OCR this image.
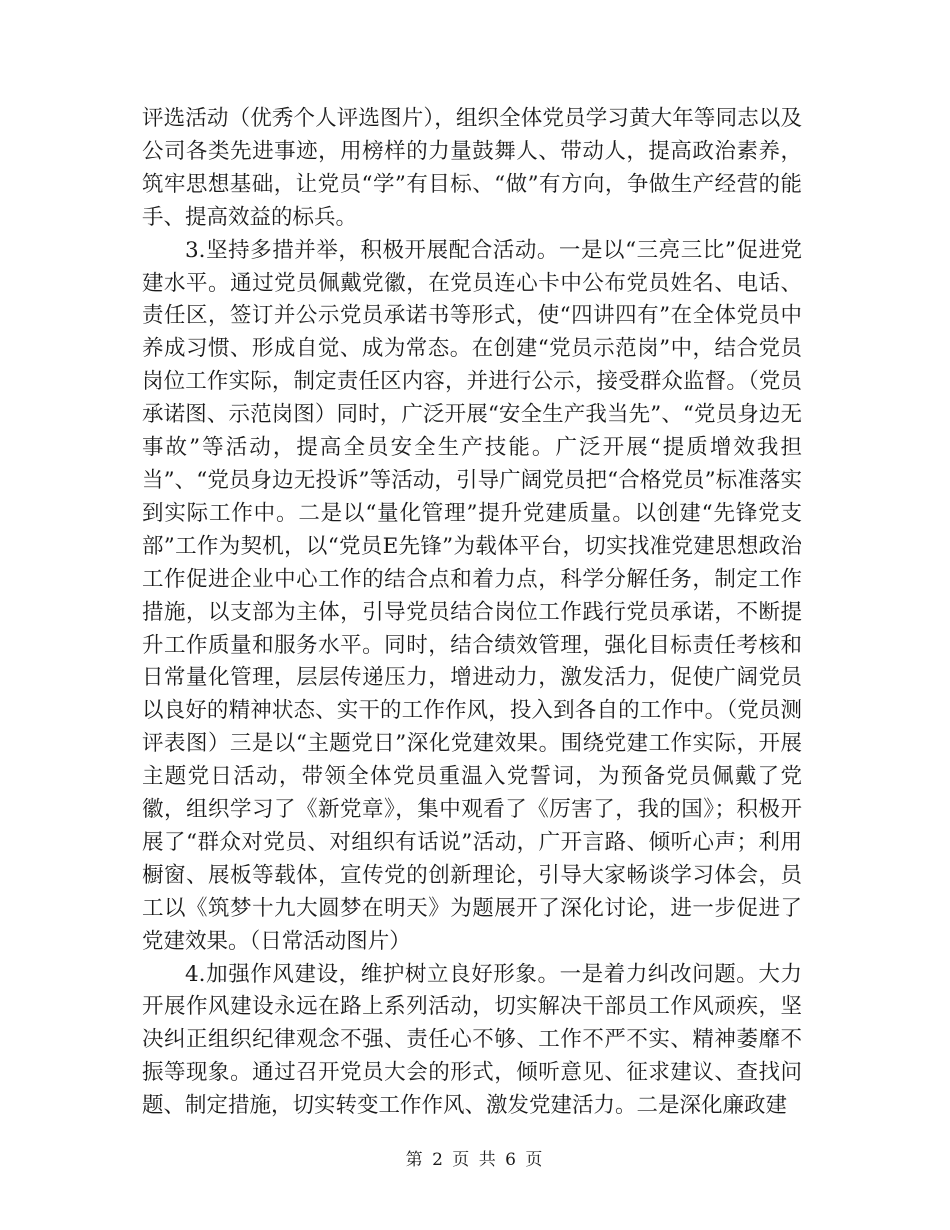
评选活动（优秀个人评选图片），组织全体党员学习黄大年等同志以及公司各类先进事迹，用榜样的力量鼓舞人、带动人，提高政治素养，筑牢思想基础，让党员“学”有目标、“做”有方向，争做生产经营的能手、提高效益的标兵。

3.坚持多措并举，积极开展配合活动。一是以“三亮三比”促进党建水平。通过党员佩戴党徽，在党员连心卡中公布党员姓名、电话、责任区，签订并公示党员承诺书等形式，使“四讲四有”在全体党员中养成习惯、形成自觉、成为常态。在创建“党员示范岗”中，结合党员岗位工作实际，制定责任区内容，并进行公示，接受群众监督。（党员承诺图、示范岗图）同时，广泛开展“安全生产我当先”、“党员身边无事故”等活动，提高全员安全生产技能。广泛开展“提质增效我担当”、“党员身边无投诉”等活动，引导广阔党员把“合格党员”标准落实到实际工作中。二是以“量化管理”提升党建质量。以创建“先锋党支部”工作为契机，以“党员E先锋”为载体平台，切实找准党建思想政治工作促进企业中心工作的结合点和着力点，科学分解任务，制定工作措施，以支部为主体，引导党员结合岗位工作践行党员承诺，不断提升工作质量和服务水平。同时，结合绩效管理，强化目标责任考核和日常量化管理，层层传递压力，增进动力，激发活力，促使广阔党员以良好的精神状态、实干的工作作风，投入到各自的工作中。（党员测评表图）三是以“主题党日”深化党建效果。围绕党建工作实际，开展主题党日活动，带领全体党员重温入党誓词，为预备党员佩戴了党徽，组织学习了《新党章》，集中观看了《厉害了，我的国》；积极开展了“群众对党员、对组织有话说”活动，广开言路、倾听心声；利用橱窗、展板等载体，宣传党的创新理论，引导大家畅谈学习体会，员工以《筑梦十九大圆梦在明天》为题展开了深化讨论，进一步促进了党建效果。（日常活动图片）

4.加强作风建设，维护树立良好形象。一是着力纠改问题。大力开展作风建设永远在路上系列活动，切实解决干部员工作风顽疾，坚决纠正组织纪律观念不强、责任心不够、工作不严不实、精神萎靡不振等现象。通过召开党员大会的形式，倾听意见、征求建议、查找问题、制定措施，切实转变工作作风、激发党建活力。二是深化廉政建

第 2 页 共 6 页
